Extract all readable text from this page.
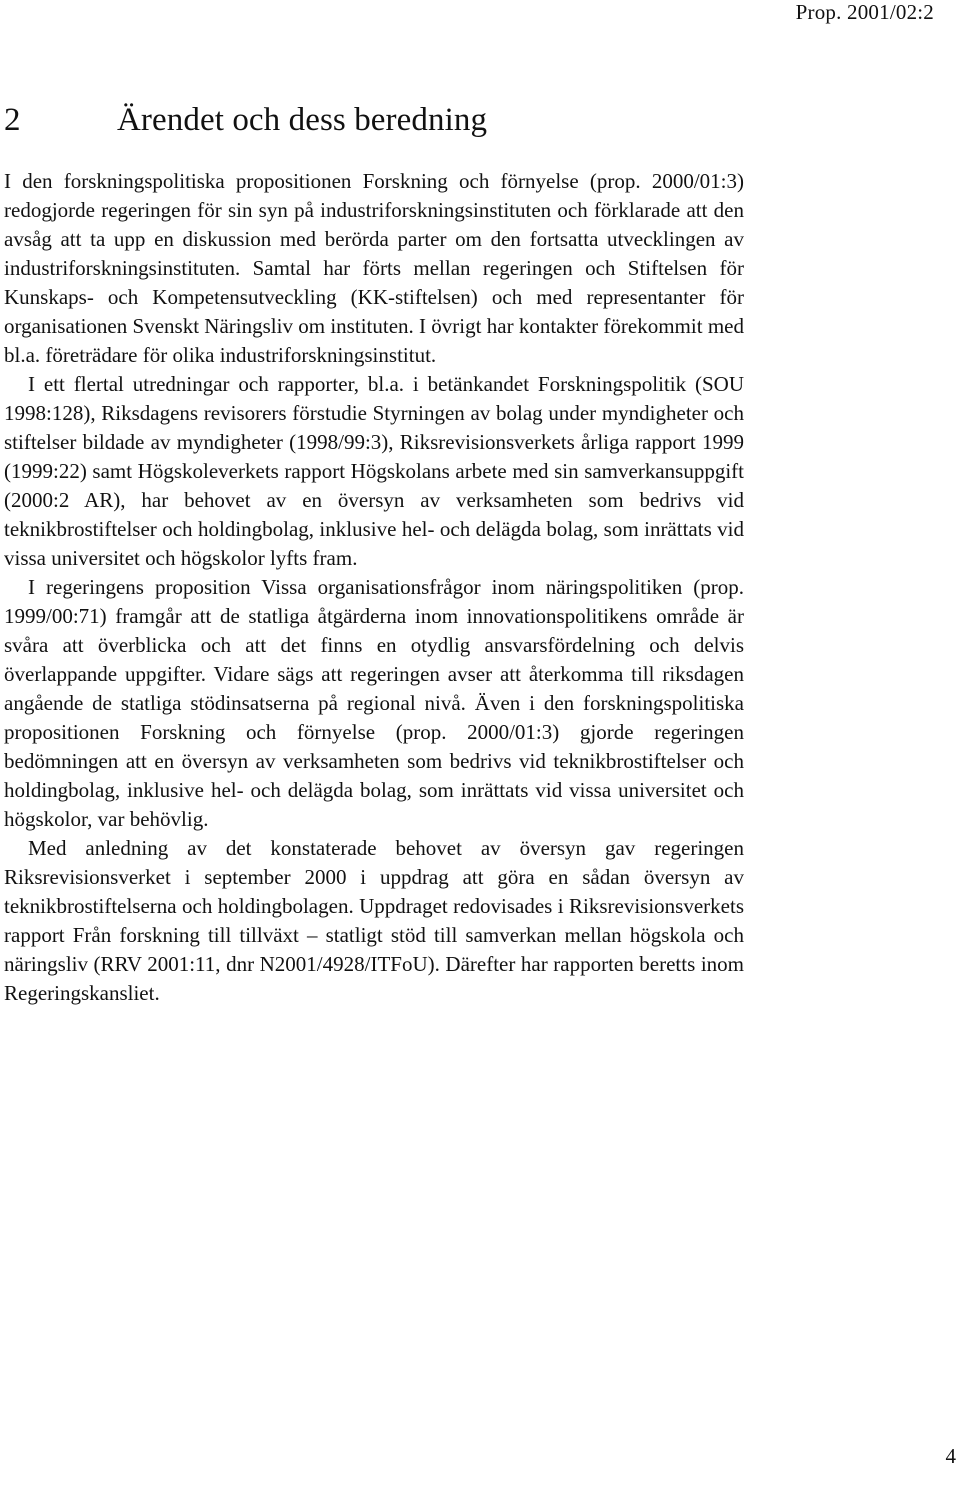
Prop. 2001/02:2
2	Ärendet och dess beredning

I den forskningspolitiska propositionen Forskning och förnyelse (prop. 2000/01:3) redogjorde regeringen för sin syn på industriforskningsinstituten och förklarade att den avsåg att ta upp en diskussion med berörda parter om den fortsatta utvecklingen av industriforskningsinstituten. Samtal har förts mellan regeringen och Stiftelsen för Kunskaps- och Kompetensutveckling (KK-stiftelsen) och med representanter för organisationen Svenskt Näringsliv om instituten. I övrigt har kontakter förekommit med bl.a. företrädare för olika industriforskningsinstitut.

I ett flertal utredningar och rapporter, bl.a. i betänkandet Forskningspolitik (SOU 1998:128), Riksdagens revisorers förstudie Styrningen av bolag under myndigheter och stiftelser bildade av myndigheter (1998/99:3), Riksrevisionsverkets årliga rapport 1999 (1999:22) samt Högskoleverkets rapport Högskolans arbete med sin samverkansuppgift (2000:2 AR), har behovet av en översyn av verksamheten som bedrivs vid teknikbrostiftelser och holdingbolag, inklusive hel- och delägda bolag, som inrättats vid vissa universitet och högskolor lyfts fram.

I regeringens proposition Vissa organisationsfrågor inom näringspolitiken (prop. 1999/00:71) framgår att de statliga åtgärderna inom innovationspolitikens område är svåra att överblicka och att det finns en otydlig ansvarsfördelning och delvis överlappande uppgifter. Vidare sägs att regeringen avser att återkomma till riksdagen angående de statliga stödinsatserna på regional nivå. Även i den forskningspolitiska propositionen Forskning och förnyelse (prop. 2000/01:3) gjorde regeringen bedömningen att en översyn av verksamheten som bedrivs vid teknikbrostiftelser och holdingbolag, inklusive hel- och delägda bolag, som inrättats vid vissa universitet och högskolor, var behövlig.

Med anledning av det konstaterade behovet av översyn gav regeringen Riksrevisionsverket i september 2000 i uppdrag att göra en sådan översyn av teknikbrostiftelserna och holdingbolagen. Uppdraget redovisades i Riksrevisionsverkets rapport Från forskning till tillväxt – statligt stöd till samverkan mellan högskola och näringsliv (RRV 2001:11, dnr N2001/4928/ITFoU). Därefter har rapporten beretts inom Regeringskansliet.

4
